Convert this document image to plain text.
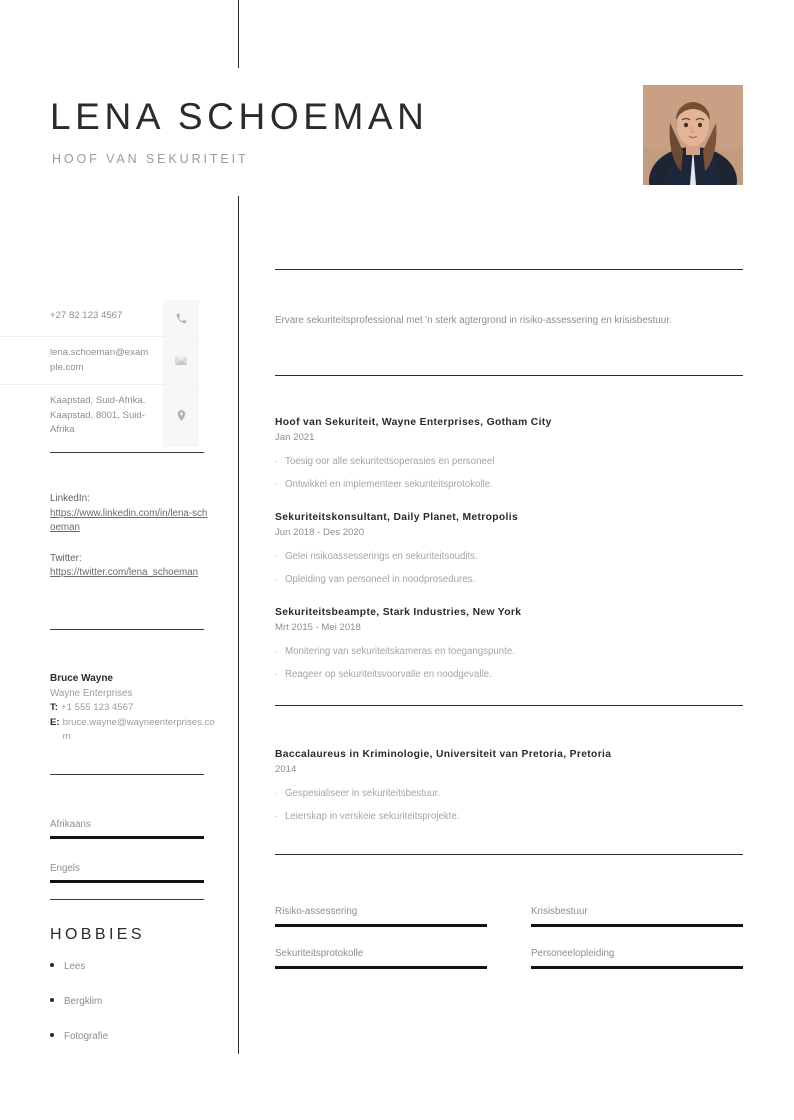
LENA SCHOEMAN
HOOF VAN SEKURITEIT
+27 82 123 4567
lena.schoeman@example.com
Kaapstad, Suid-Afrika. Kaapstad, 8001, Suid-Afrika
LinkedIn:
https://www.linkedin.com/in/lena-schoeman
Twitter:
https://twitter.com/lena_schoeman
Bruce Wayne
Wayne Enterprises
T: +1 555 123 4567
E: bruce.wayne@wayneenterprises.com
Afrikaans
Engels
HOBBIES
Lees
Bergklim
Fotografie
Ervare sekuriteitsprofessional met 'n sterk agtergrond in risiko-assessering en krisisbestuur.
Hoof van Sekuriteit, Wayne Enterprises, Gotham City
Jan 2021
· Toesig oor alle sekuriteitsoperasies en personeel
· Ontwikkel en implementeer sekuriteitsprotokolle.
Sekuriteitskonsultant, Daily Planet, Metropolis
Jun 2018 - Des 2020
· Gelei risikoassesserings en sekuriteitsoudits.
· Opleiding van personeel in noodprosedures.
Sekuriteitsbeampte, Stark Industries, New York
Mrt 2015 - Mei 2018
· Monitering van sekuriteitskameras en toegangspunte.
· Reageer op sekuriteitsvoorvalle en noodgevalle.
Baccalaureus in Kriminologie, Universiteit van Pretoria, Pretoria
2014
· Gespesialiseer in sekuriteitsbestuur.
· Leierskap in verskeie sekuriteitsprojekte.
Risiko-assessering	Krisisbestuur
Sekuriteitsprotokolle	Personeelopleiding
